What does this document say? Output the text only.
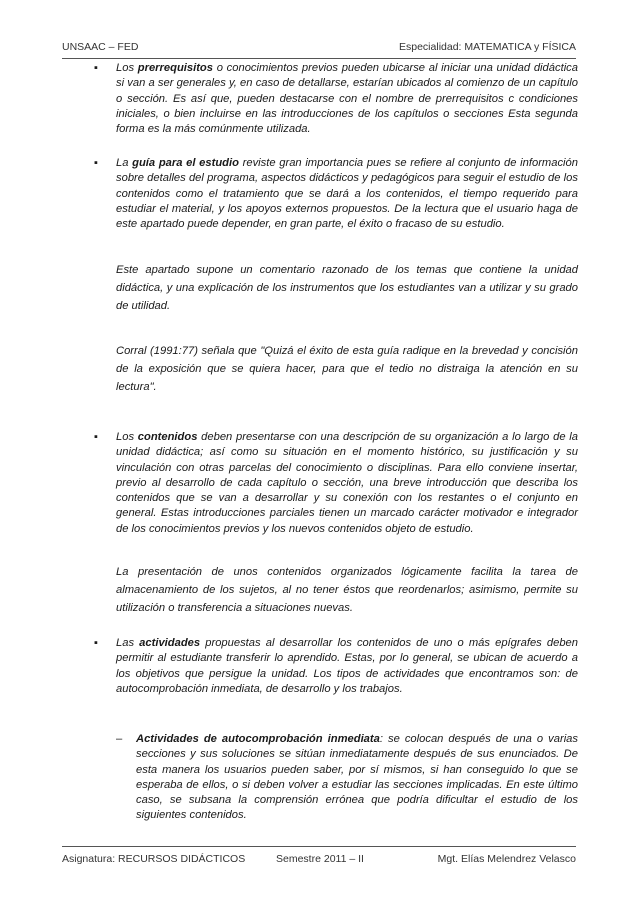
UNSAAC – FED	Especialidad: MATEMATICA y FÍSICA

▪ Los prerrequisitos o conocimientos previos pueden ubicarse al iniciar una unidad didáctica si van a ser generales y, en caso de detallarse, estarían ubicados al comienzo de un capítulo o sección. Es así que, pueden destacarse con el nombre de prerrequisitos c condiciones iniciales, o bien incluirse en las introducciones de los capítulos o secciones Esta segunda forma es la más comúnmente utilizada.

▪ La guía para el estudio reviste gran importancia pues se refiere al conjunto de información sobre detalles del programa, aspectos didácticos y pedagógicos para seguir el estudio de los contenidos como el tratamiento que se dará a los contenidos, el tiempo requerido para estudiar el material, y los apoyos externos propuestos. De la lectura que el usuario haga de este apartado puede depender, en gran parte, el éxito o fracaso de su estudio.

Este apartado supone un comentario razonado de los temas que contiene la unidad didáctica, y una explicación de los instrumentos que los estudiantes van a utilizar y su grado de utilidad.

Corral (1991:77) señala que "Quizá el éxito de esta guía radique en la brevedad y concisión de la exposición que se quiera hacer, para que el tedio no distraiga la atención en su lectura".

▪ Los contenidos deben presentarse con una descripción de su organización a lo largo de la unidad didáctica; así como su situación en el momento histórico, su justificación y su vinculación con otras parcelas del conocimiento o disciplinas. Para ello conviene insertar, previo al desarrollo de cada capítulo o sección, una breve introducción que describa los contenidos que se van a desarrollar y su conexión con los restantes o el conjunto en general. Estas introducciones parciales tienen un marcado carácter motivador e integrador de los conocimientos previos y los nuevos contenidos objeto de estudio.

La presentación de unos contenidos organizados lógicamente facilita la tarea de almacenamiento de los sujetos, al no tener éstos que reordenarlos; asimismo, permite su utilización o transferencia a situaciones nuevas.

▪ Las actividades propuestas al desarrollar los contenidos de uno o más epígrafes deben permitir al estudiante transferir lo aprendido. Estas, por lo general, se ubican de acuerdo a los objetivos que persigue la unidad. Los tipos de actividades que encontramos son: de autocomprobación inmediata, de desarrollo y los trabajos.

– Actividades de autocomprobación inmediata: se colocan después de una o varias secciones y sus soluciones se sitúan inmediatamente después de sus enunciados. De esta manera los usuarios pueden saber, por sí mismos, si han conseguido lo que se esperaba de ellos, o si deben volver a estudiar las secciones implicadas. En este último caso, se subsana la comprensión errónea que podría dificultar el estudio de los siguientes contenidos.

Asignatura: RECURSOS DIDÁCTICOS	Semestre 2011 – II	Mgt. Elías Melendrez Velasco
